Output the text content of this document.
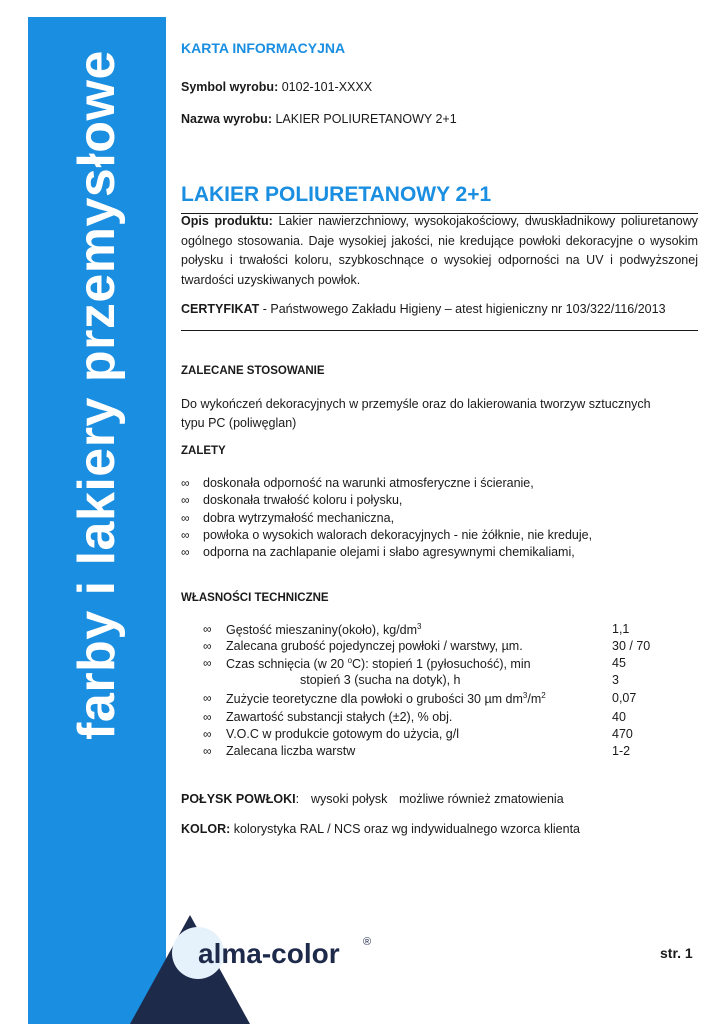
farby i lakiery przemysłowe
KARTA INFORMACYJNA
Symbol wyrobu: 0102-101-XXXX
Nazwa wyrobu: LAKIER POLIURETANOWY 2+1
LAKIER POLIURETANOWY 2+1
Opis produktu: Lakier nawierzchniowy, wysokojakościowy, dwuskładnikowy poliuretanowy ogólnego stosowania. Daje wysokiej jakości, nie kredujące powłoki dekoracyjne o wysokim połysku i trwałości koloru, szybkoschnące o wysokiej odporności na UV i podwyższonej twardości uzyskiwanych powłok.
CERTYFIKAT - Państwowego Zakładu Higieny – atest higieniczny nr 103/322/116/2013
ZALECANE STOSOWANIE
Do wykończeń dekoracyjnych w przemyśle oraz do lakierowania tworzyw sztucznych
typu PC (poliwęglan)
ZALETY
∞	doskonała odporność na warunki atmosferyczne i ścieranie,
∞	doskonała trwałość koloru i połysku,
∞	dobra wytrzymałość mechaniczna,
∞	powłoka o wysokich walorach dekoracyjnych - nie żółknie, nie kreduje,
∞	odporna na zachlapanie olejami i słabo agresywnymi chemikaliami,
WŁASNOŚCI TECHNICZNE
∞	Gęstość mieszaniny(około), $kg/dm^3$	1,1
∞	Zalecana grubość pojedynczej powłoki / warstwy, µm.	30 / 70
∞	Czas schnięcia (w 20 $^o$C): stopień 1 (pyłosuchość), min	45
stopień 3 (sucha na dotyk), h	3
∞	Zużycie teoretyczne dla powłoki o grubości 30 µm $dm^3/m^2$	0,07
∞	Zawartość substancji stałych (±2), % obj.	40
∞	V.O.C w produkcie gotowym do użycia, g/l	470
∞	Zalecana liczba warstw	1-2
POŁYSK POWŁOKI: wysoki połysk możliwe również zmatowienia
KOLOR: kolorystyka RAL / NCS oraz wg indywidualnego wzorca klienta
alma-color ®
str. 1
